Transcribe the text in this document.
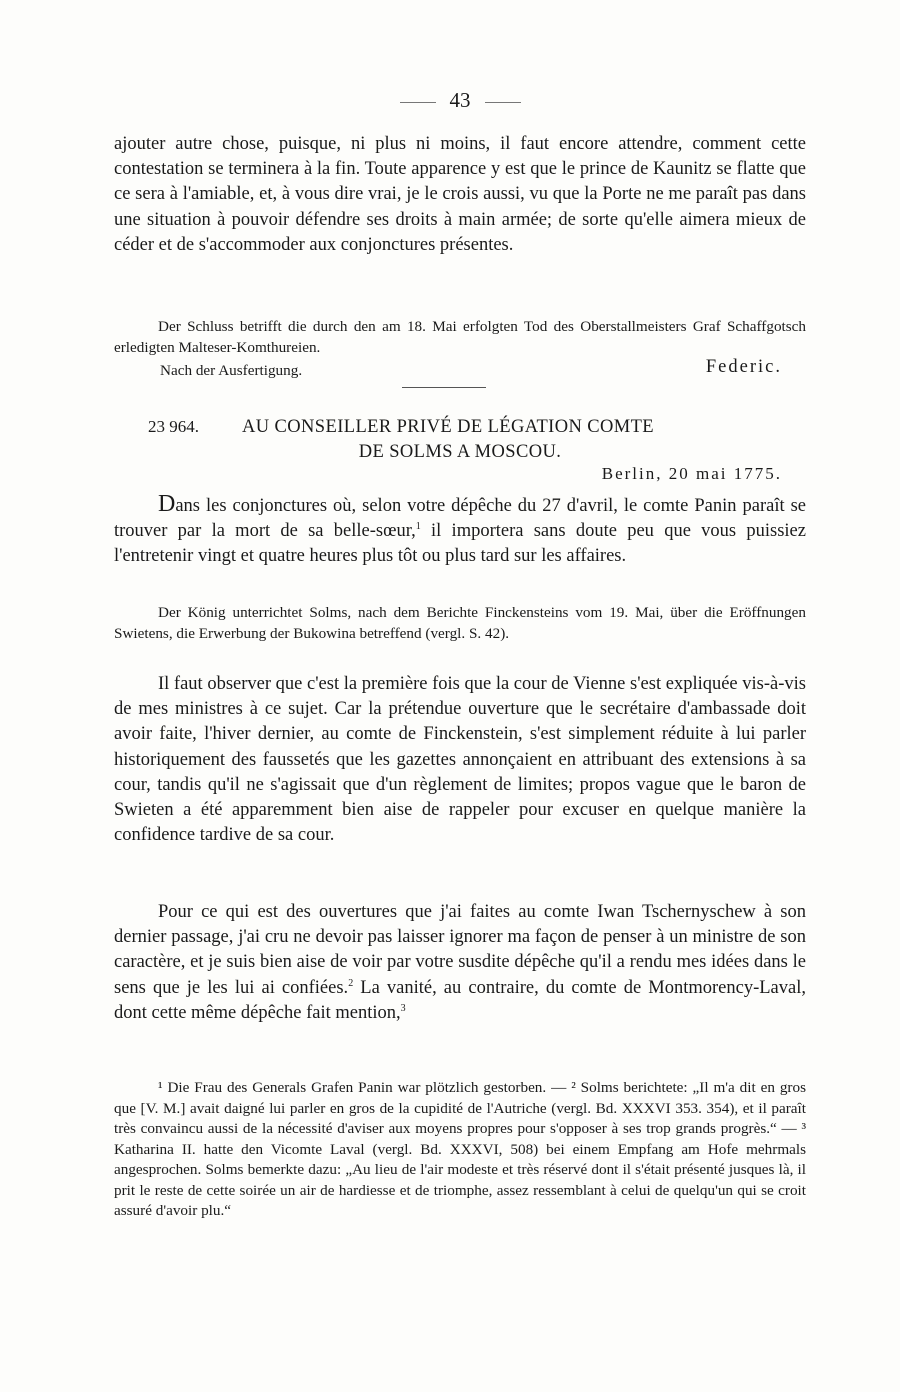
43

ajouter autre chose, puisque, ni plus ni moins, il faut encore attendre, comment cette contestation se terminera à la fin. Toute apparence y est que le prince de Kaunitz se flatte que ce sera à l'amiable, et, à vous dire vrai, je le crois aussi, vu que la Porte ne me paraît pas dans une situation à pouvoir défendre ses droits à main armée; de sorte qu'elle aimera mieux de céder et de s'accommoder aux conjonctures présentes.

Der Schluss betrifft die durch den am 18. Mai erfolgten Tod des Oberstallmeisters Graf Schaffgotsch erledigten Malteser-Komthureien.

Nach der Ausfertigung.	Federic.
23 964. AU CONSEILLER PRIVÉ DE LÉGATION COMTE
DE SOLMS A MOSCOU.
Berlin, 20 mai 1775.

Dans les conjonctures où, selon votre dépêche du 27 d'avril, le comte Panin paraît se trouver par la mort de sa belle-sœur,$^1$ il importera sans doute peu que vous puissiez l'entretenir vingt et quatre heures plus tôt ou plus tard sur les affaires.

Der König unterrichtet Solms, nach dem Berichte Finckensteins vom 19. Mai, über die Eröffnungen Swietens, die Erwerbung der Bukowina betreffend (vergl. S. 42).

Il faut observer que c'est la première fois que la cour de Vienne s'est expliquée vis-à-vis de mes ministres à ce sujet. Car la prétendue ouverture que le secrétaire d'ambassade doit avoir faite, l'hiver dernier, au comte de Finckenstein, s'est simplement réduite à lui parler historiquement des faussetés que les gazettes annonçaient en attribuant des extensions à sa cour, tandis qu'il ne s'agissait que d'un règlement de limites; propos vague que le baron de Swieten a été apparemment bien aise de rappeler pour excuser en quelque manière la confidence tardive de sa cour.

Pour ce qui est des ouvertures que j'ai faites au comte Iwan Tschernyschew à son dernier passage, j'ai cru ne devoir pas laisser ignorer ma façon de penser à un ministre de son caractère, et je suis bien aise de voir par votre susdite dépêche qu'il a rendu mes idées dans le sens que je les lui ai confiées.$^2$ La vanité, au contraire, du comte de Montmorency-Laval, dont cette même dépêche fait mention,$^3$

¹ Die Frau des Generals Grafen Panin war plötzlich gestorben. — ² Solms berichtete: „Il m'a dit en gros que [V. M.] avait daigné lui parler en gros de la cupidité de l'Autriche (vergl. Bd. XXXVI 353. 354), et il paraît très convaincu aussi de la nécessité d'aviser aux moyens propres pour s'opposer à ses trop grands progrès.“ — ³ Katharina II. hatte den Vicomte Laval (vergl. Bd. XXXVI, 508) bei einem Empfang am Hofe mehrmals angesprochen. Solms bemerkte dazu: „Au lieu de l'air modeste et très réservé dont il s'était présenté jusques là, il prit le reste de cette soirée un air de hardiesse et de triomphe, assez ressemblant à celui de quelqu'un qui se croit assuré d'avoir plu.“
